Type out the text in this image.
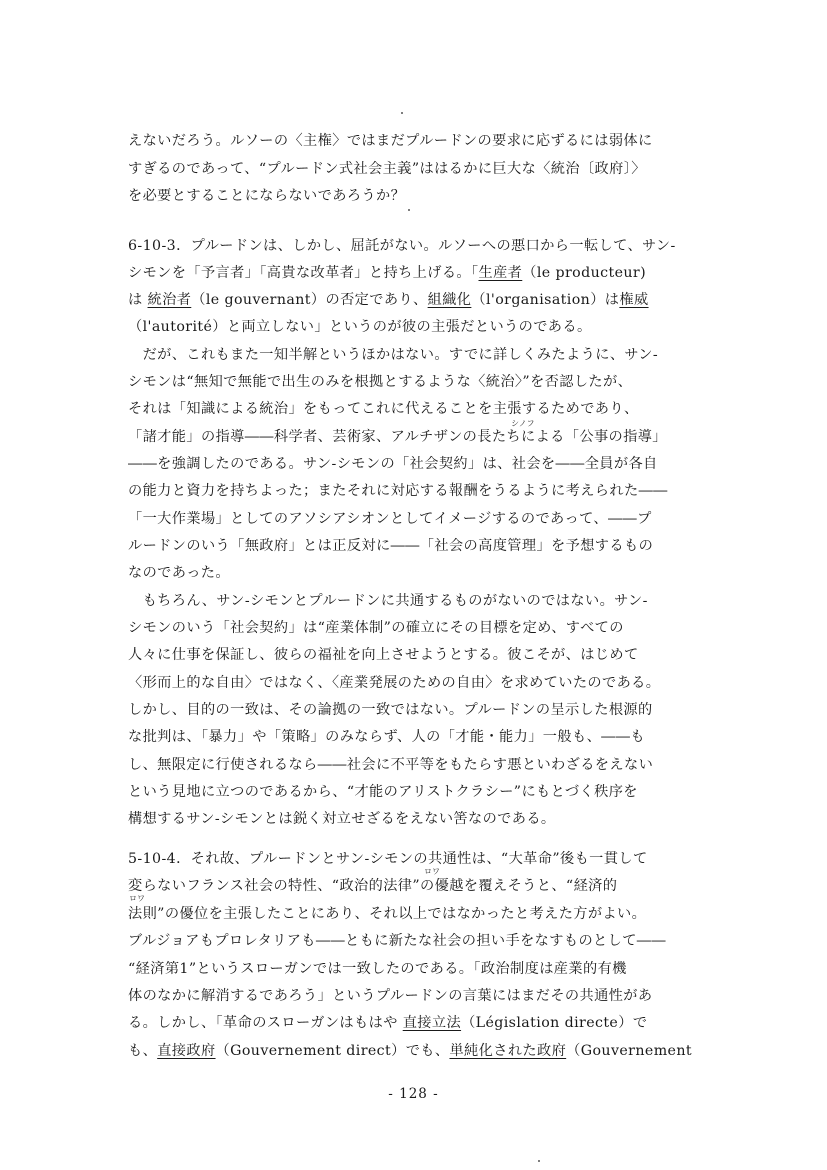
えないだろう。ルソーの〈主権〉ではまだプルードンの要求に応ずるには弱体に
すぎるのであって、“プルードン式社会主義”ははるかに巨大な〈統治〔政府〕〉
を必要とすることにならないであろうか？
6-10-3．プルードンは、しかし、屈託がない。ルソーへの悪口から一転して、サン-
シモンを「予言者」「高貴な改革者」と持ち上げる。「生産者（le producteur)
は 統治者（le gouvernant）の否定であり、組織化（l'organisation）は権威
（l'autorité）と両立しない」というのが彼の主張だというのである。
　だが、これもまた一知半解というほかはない。すでに詳しくみたように、サン-
シモンは“無知で無能で出生のみを根拠とするような〈統治〉”を否認したが、
それは「知識による統治」をもってこれに代えることを主張するためであり、
シノフ
「諸才能」の指導――科学者、芸術家、アルチザンの長たちによる「公事の指導」
――を強調したのである。サン-シモンの「社会契約」は、社会を――全員が各自
の能力と資力を持ちよった；またそれに対応する報酬をうるように考えられた――
「一大作業場」としてのアソシアシオンとしてイメージするのであって、――プ
ルードンのいう「無政府」とは正反対に――「社会の高度管理」を予想するもの
なのであった。
　もちろん、サン-シモンとプルードンに共通するものがないのではない。サン-
シモンのいう「社会契約」は“産業体制”の確立にその目標を定め、すべての
人々に仕事を保証し、彼らの福祉を向上させようとする。彼こそが、はじめて
〈形而上的な自由〉ではなく、〈産業発展のための自由〉を求めていたのである。
しかし、目的の一致は、その論拠の一致ではない。プルードンの呈示した根源的
な批判は、「暴力」や「策略」のみならず、人の「才能・能力」一般も、――も
し、無限定に行使されるなら――社会に不平等をもたらす悪といわざるをえない
という見地に立つのであるから、“才能のアリストクラシー”にもとづく秩序を
構想するサン-シモンとは鋭く対立せざるをえない筈なのである。
5-10-4．それ故、プルードンとサン-シモンの共通性は、“大革命”後も一貫して
ロワ
変らないフランス社会の特性、“政治的法律”の優越を覆えそうと、“経済的
ロワ
法則”の優位を主張したことにあり、それ以上ではなかったと考えた方がよい。
ブルジョアもプロレタリアも――ともに新たな社会の担い手をなすものとして――
“経済第1”というスローガンでは一致したのである。「政治制度は産業的有機
体のなかに解消するであろう」というプルードンの言葉にはまだその共通性があ
る。しかし、「革命のスローガンはもはや 直接立法（Législation directe）で
も、直接政府（Gouvernement direct）でも、単純化された政府（Gouvernement
- 128 -
